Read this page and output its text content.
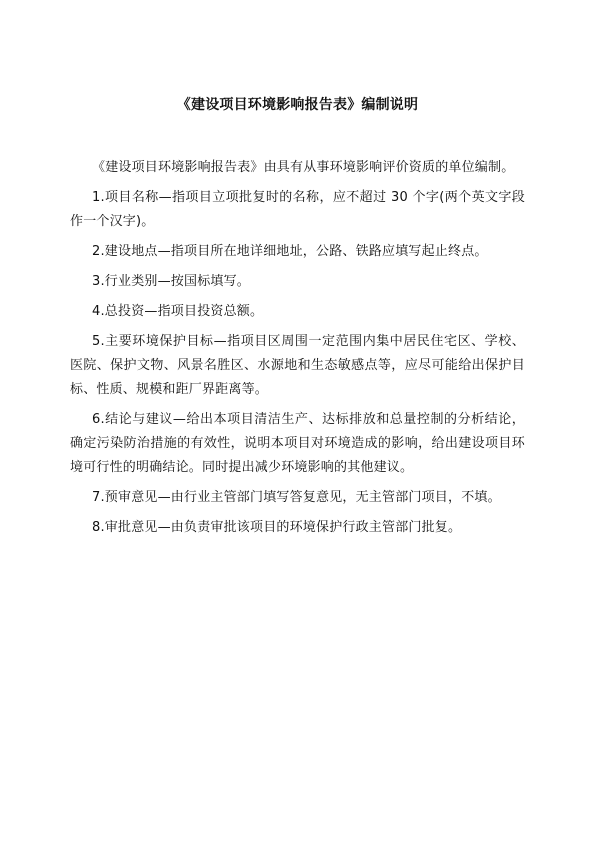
《建设项目环境影响报告表》编制说明

《建设项目环境影响报告表》由具有从事环境影响评价资质的单位编制。

1.项目名称—指项目立项批复时的名称，应不超过 30 个字(两个英文字段作一个汉字)。

2.建设地点—指项目所在地详细地址，公路、铁路应填写起止终点。

3.行业类别—按国标填写。

4.总投资—指项目投资总额。

5.主要环境保护目标—指项目区周围一定范围内集中居民住宅区、学校、医院、保护文物、风景名胜区、水源地和生态敏感点等，应尽可能给出保护目标、性质、规模和距厂界距离等。

6.结论与建议—给出本项目清洁生产、达标排放和总量控制的分析结论，确定污染防治措施的有效性，说明本项目对环境造成的影响，给出建设项目环境可行性的明确结论。同时提出减少环境影响的其他建议。

7.预审意见—由行业主管部门填写答复意见，无主管部门项目，不填。

8.审批意见—由负责审批该项目的环境保护行政主管部门批复。
